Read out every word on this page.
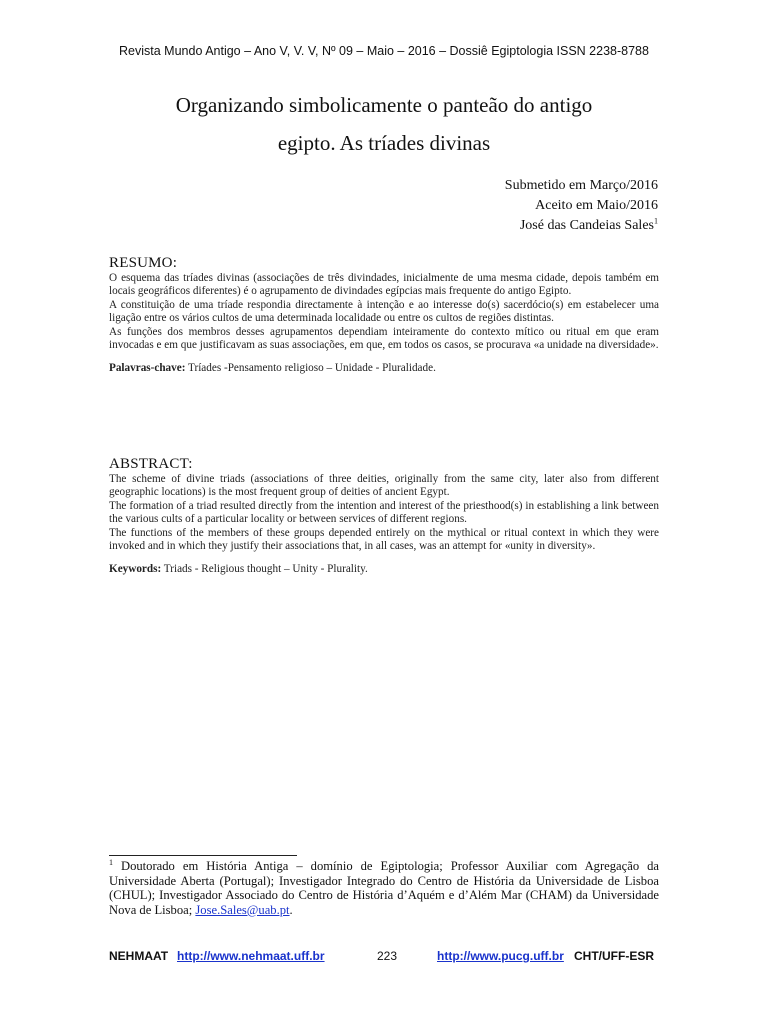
Revista Mundo Antigo – Ano V, V. V, Nº 09 – Maio – 2016 – Dossiê Egiptologia ISSN 2238-8788
Organizando simbolicamente o panteão do antigo
egipto. As tríades divinas
Submetido em Março/2016
Aceito em Maio/2016
José das Candeias Sales$^1$
RESUMO:

O esquema das tríades divinas (associações de três divindades, inicialmente de uma mesma cidade, depois também em locais geográficos diferentes) é o agrupamento de divindades egípcias mais frequente do antigo Egipto.

A constituição de uma tríade respondia directamente à intenção e ao interesse do(s) sacerdócio(s) em estabelecer uma ligação entre os vários cultos de uma determinada localidade ou entre os cultos de regiões distintas.

As funções dos membros desses agrupamentos dependiam inteiramente do contexto mítico ou ritual em que eram invocadas e em que justificavam as suas associações, em que, em todos os casos, se procurava «a unidade na diversidade».

Palavras-chave: Tríades -Pensamento religioso – Unidade - Pluralidade.

ABSTRACT:

The scheme of divine triads (associations of three deities, originally from the same city, later also from different geographic locations) is the most frequent group of deities of ancient Egypt.

The formation of a triad resulted directly from the intention and interest of the priesthood(s) in establishing a link between the various cults of a particular locality or between services of different regions.

The functions of the members of these groups depended entirely on the mythical or ritual context in which they were invoked and in which they justify their associations that, in all cases, was an attempt for «unity in diversity».

Keywords: Triads - Religious thought – Unity - Plurality.

$^1$ Doutorado em História Antiga – domínio de Egiptologia; Professor Auxiliar com Agregação da Universidade Aberta (Portugal); Investigador Integrado do Centro de História da Universidade de Lisboa (CHUL); Investigador Associado do Centro de História d’Aquém e d’Além Mar (CHAM) da Universidade Nova de Lisboa; Jose.Sales@uab.pt.
NEHMAAT http://www.nehmaat.uff.br	223	http://www.pucg.uff.br CHT/UFF-ESR
